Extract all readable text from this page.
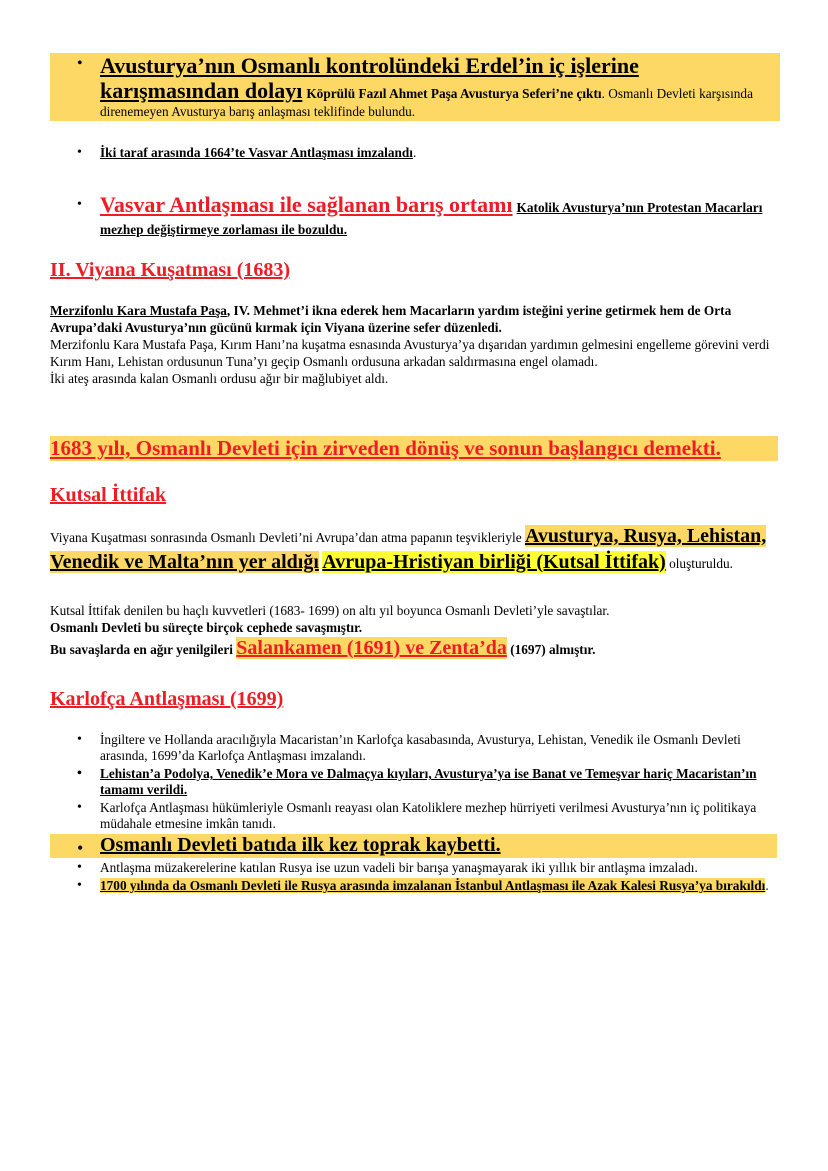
• Avusturya’nın Osmanlı kontrolündeki Erdel’in iç işlerine karışmasından dolayı Köprülü Fazıl Ahmet Paşa Avusturya Seferi’ne çıktı. Osmanlı Devleti karşısında direnemeyen Avusturya barış anlaşması teklifinde bulundu.
• İki taraf arasında 1664’te Vasvar Antlaşması imzalandı.
• Vasvar Antlaşması ile sağlanan barış ortamı Katolik Avusturya’nın Protestan Macarları mezhep değiştirmeye zorlaması ile bozuldu.
II. Viyana Kuşatması (1683)
Merzifonlu Kara Mustafa Paşa, IV. Mehmet’i ikna ederek hem Macarların yardım isteğini yerine getirmek hem de Orta Avrupa’daki Avusturya’nın gücünü kırmak için Viyana üzerine sefer düzenledi.
Merzifonlu Kara Mustafa Paşa, Kırım Hanı’na kuşatma esnasında Avusturya’ya dışarıdan yardımın gelmesini engelleme görevini verdi
Kırım Hanı, Lehistan ordusunun Tuna’yı geçip Osmanlı ordusuna arkadan saldırmasına engel olamadı.
İki ateş arasında kalan Osmanlı ordusu ağır bir mağlubiyet aldı.
1683 yılı, Osmanlı Devleti için zirveden dönüş ve sonun başlangıcı demekti.
Kutsal İttifak
Viyana Kuşatması sonrasında Osmanlı Devleti’ni Avrupa’dan atma papanın teşvikleriyle Avusturya, Rusya, Lehistan, Venedik ve Malta’nın yer aldığı Avrupa-Hristiyan birliği (Kutsal İttifak) oluşturuldu.
Kutsal İttifak denilen bu haçlı kuvvetleri (1683- 1699) on altı yıl boyunca Osmanlı Devleti’yle savaştılar.
Osmanlı Devleti bu süreçte birçok cephede savaşmıştır.
Bu savaşlarda en ağır yenilgileri Salankamen (1691) ve Zenta’da (1697) almıştır.
Karlofça Antlaşması (1699)
• İngiltere ve Hollanda aracılığıyla Macaristan’ın Karlofça kasabasında, Avusturya, Lehistan, Venedik ile Osmanlı Devleti arasında, 1699’da Karlofça Antlaşması imzalandı.
• Lehistan’a Podolya, Venedik’e Mora ve Dalmaçya kıyıları, Avusturya’ya ise Banat ve Temeşvar hariç Macaristan’ın tamamı verildi.
• Karlofça Antlaşması hükümleriyle Osmanlı reayası olan Katoliklere mezhep hürriyeti verilmesi Avusturya’nın iç politikaya müdahale etmesine imkân tanıdı.
• Osmanlı Devleti batıda ilk kez toprak kaybetti.
• Antlaşma müzakerelerine katılan Rusya ise uzun vadeli bir barışa yanaşmayarak iki yıllık bir antlaşma imzaladı.
• 1700 yılında da Osmanlı Devleti ile Rusya arasında imzalanan İstanbul Antlaşması ile Azak Kalesi Rusya’ya bırakıldı.
